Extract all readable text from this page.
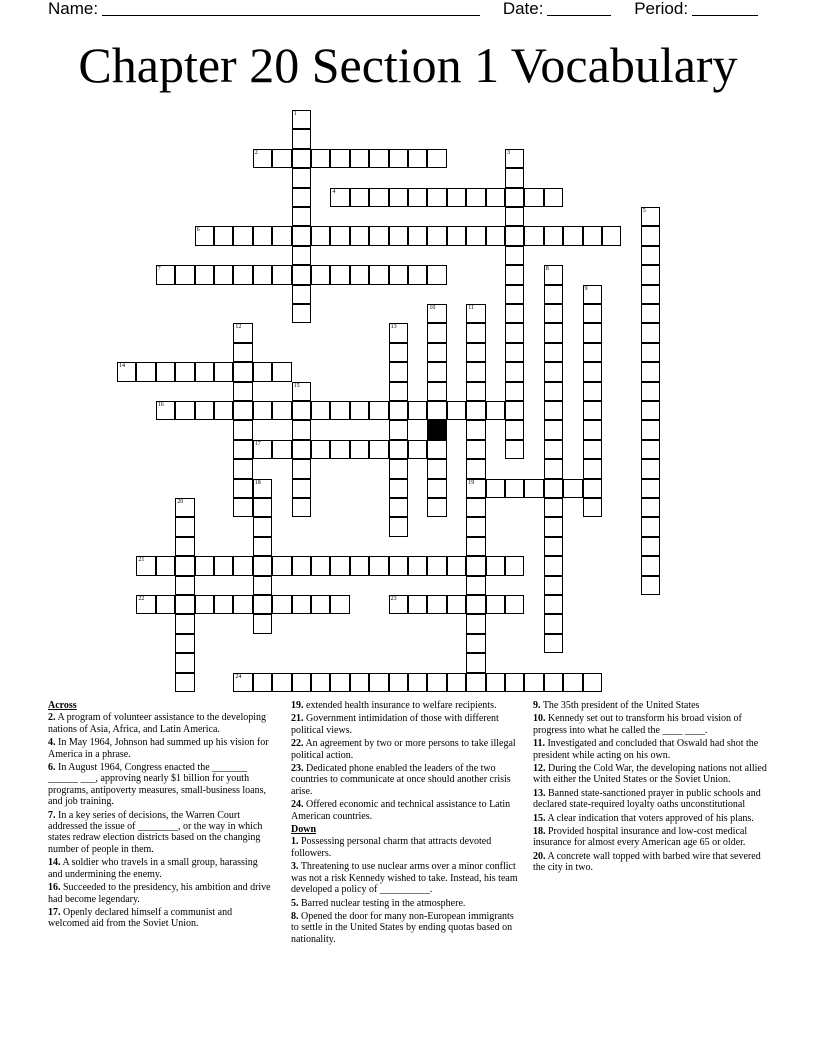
Name:	Date:	Period:
Chapter 20 Section 1 Vocabulary
1
2	3
4
5
6
7	8
9
10	11
19
12	13
14
15
16
17
18
20
21
22	23
24
Across
2. A program of volunteer assistance to the developing nations of Asia, Africa, and Latin America.
4. In May 1964, Johnson had summed up his vision for America in a phrase.
6. In August 1964, Congress enacted the _______ ______ ___, approving nearly $1 billion for youth programs, antipoverty measures, small-business loans, and job training.
7. In a key series of decisions, the Warren Court addressed the issue of ________, or the way in which states redraw election districts based on the changing number of people in them.
14. A soldier who travels in a small group, harassing and undermining the enemy.
16. Succeeded to the presidency, his ambition and drive had become legendary.
17. Openly declared himself a communist and welcomed aid from the Soviet Union.
19. extended health insurance to welfare recipients.
21. Government intimidation of those with different political views.
22. An agreement by two or more persons to take illegal political action.
23. Dedicated phone enabled the leaders of the two countries to communicate at once should another crisis arise.
24. Offered economic and technical assistance to Latin American countries.
Down
1. Possessing personal charm that attracts devoted followers.
3. Threatening to use nuclear arms over a minor conflict was not a risk Kennedy wished to take. Instead, his team developed a policy of __________.
5. Barred nuclear testing in the atmosphere.
8. Opened the door for many non-European immigrants to settle in the United States by ending quotas based on nationality.
9. The 35th president of the United States
10. Kennedy set out to transform his broad vision of progress into what he called the ____ ____.
11. Investigated and concluded that Oswald had shot the president while acting on his own.
12. During the Cold War, the developing nations not allied with either the United States or the Soviet Union.
13. Banned state-sanctioned prayer in public schools and declared state-required loyalty oaths unconstitutional
15. A clear indication that voters approved of his plans.
18. Provided hospital insurance and low-cost medical insurance for almost every American age 65 or older.
20. A concrete wall topped with barbed wire that severed the city in two.
